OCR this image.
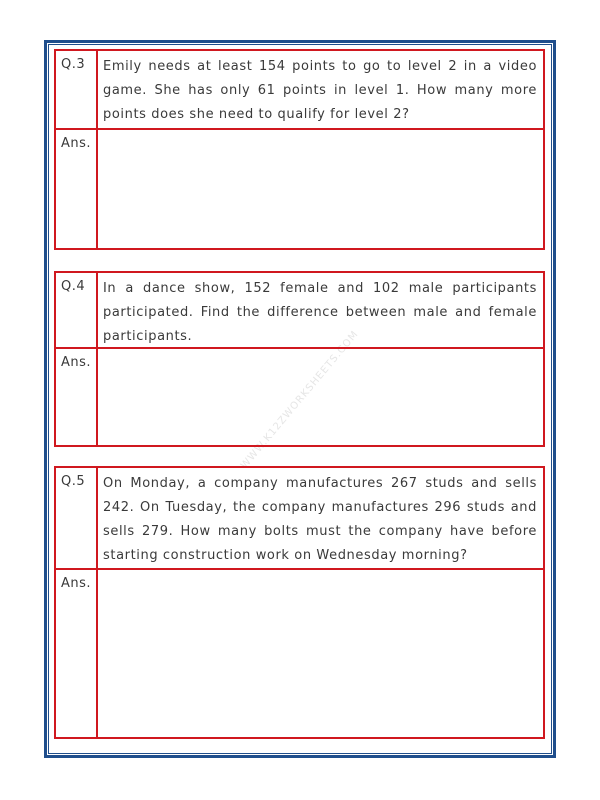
WWW.K12ZWORKSHEETS.COM
Q.3	Emily needs at least 154 points to go to level 2 in a video game. She has only 61 points in level 1. How many more points does she need to qualify for level 2?
Ans.
Q.4	In a dance show, 152 female and 102 male participants participated. Find the difference between male and female participants.
Ans.
Q.5	On Monday, a company manufactures 267 studs and sells 242. On Tuesday, the company manufactures 296 studs and sells 279. How many bolts must the company have before starting construction work on Wednesday morning?
Ans.
